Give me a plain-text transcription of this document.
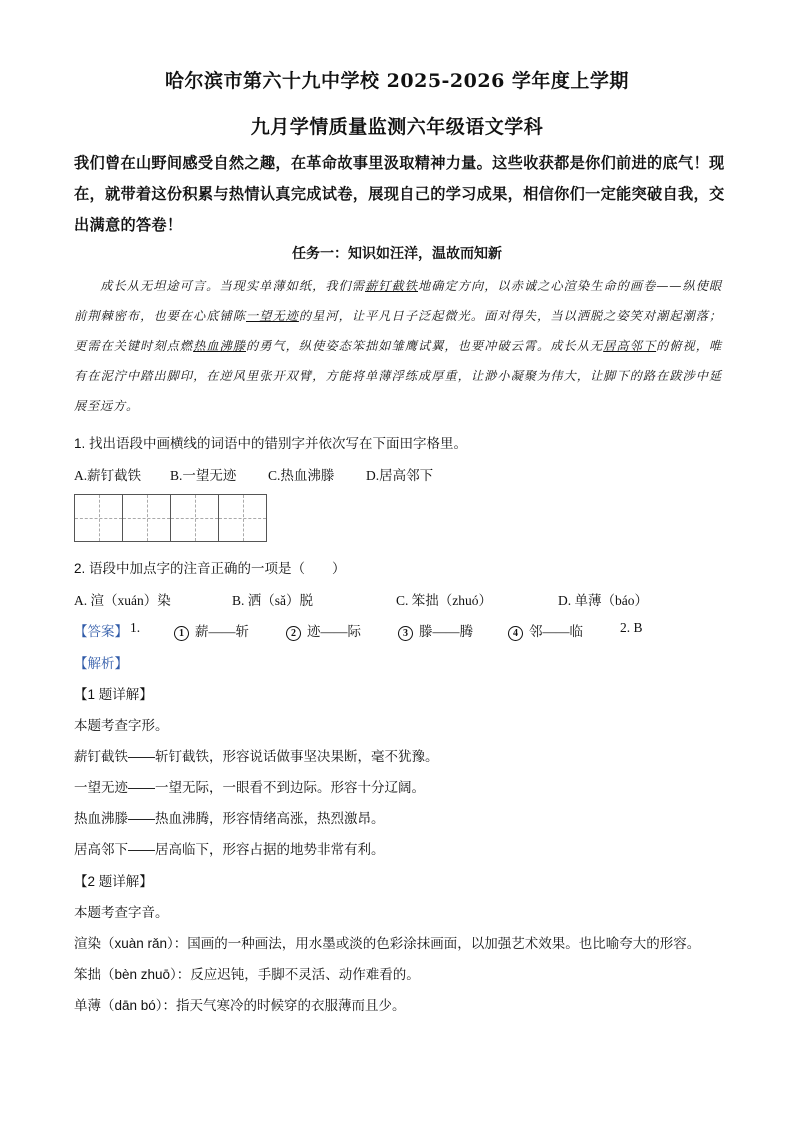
哈尔滨市第六十九中学校 2025-2026 学年度上学期
九月学情质量监测六年级语文学科
我们曾在山野间感受自然之趣，在革命故事里汲取精神力量。这些收获都是你们前进的底气！现在，就带着这份积累与热情认真完成试卷，展现自己的学习成果，相信你们一定能突破自我，交出满意的答卷！
任务一：知识如汪洋，温故而知新
  成长从无坦途可言。当现实单薄如纸，我们需薪钉截铁地确定方向，以赤诚之心渲染生命的画卷——纵使眼前荆棘密布，也要在心底铺陈一望无迹的星河，让平凡日子泛起微光。面对得失，当以洒脱之姿笑对潮起潮落；更需在关键时刻点燃热血沸滕的勇气，纵使姿态笨拙如雏鹰试翼，也要冲破云霄。成长从无居高邻下的俯视，唯有在泥泞中踏出脚印，在逆风里张开双臂，方能将单薄浮练成厚重，让渺小凝聚为伟大，让脚下的路在跋涉中延展至远方。
1. 找出语段中画横线的词语中的错别字并依次写在下面田字格里。
A.薪钉截铁 B.一望无迹 C.热血沸滕 D.居高邻下
2. 语段中加点字的注音正确的一项是（　　）
A. 渲（xuán）染	B. 洒（sǎ）脱	C. 笨拙（zhuó）	D. 单薄（báo）
【答案】 1.	1 薪——斩	2 迹——际	3 滕——腾	4 邻——临	2. B
【解析】
【1 题详解】
本题考查字形。
薪钉截铁——斩钉截铁，形容说话做事坚决果断，毫不犹豫。
一望无迹——一望无际，一眼看不到边际。形容十分辽阔。
热血沸滕——热血沸腾，形容情绪高涨，热烈激昂。
居高邻下——居高临下，形容占据的地势非常有利。
【2 题详解】
本题考查字音。
渲染（xuàn rǎn）：国画的一种画法，用水墨或淡的色彩涂抹画面，以加强艺术效果。也比喻夸大的形容。
笨拙（bèn zhuō）：反应迟钝，手脚不灵活、动作难看的。
单薄（dān bó）：指天气寒冷的时候穿的衣服薄而且少。
